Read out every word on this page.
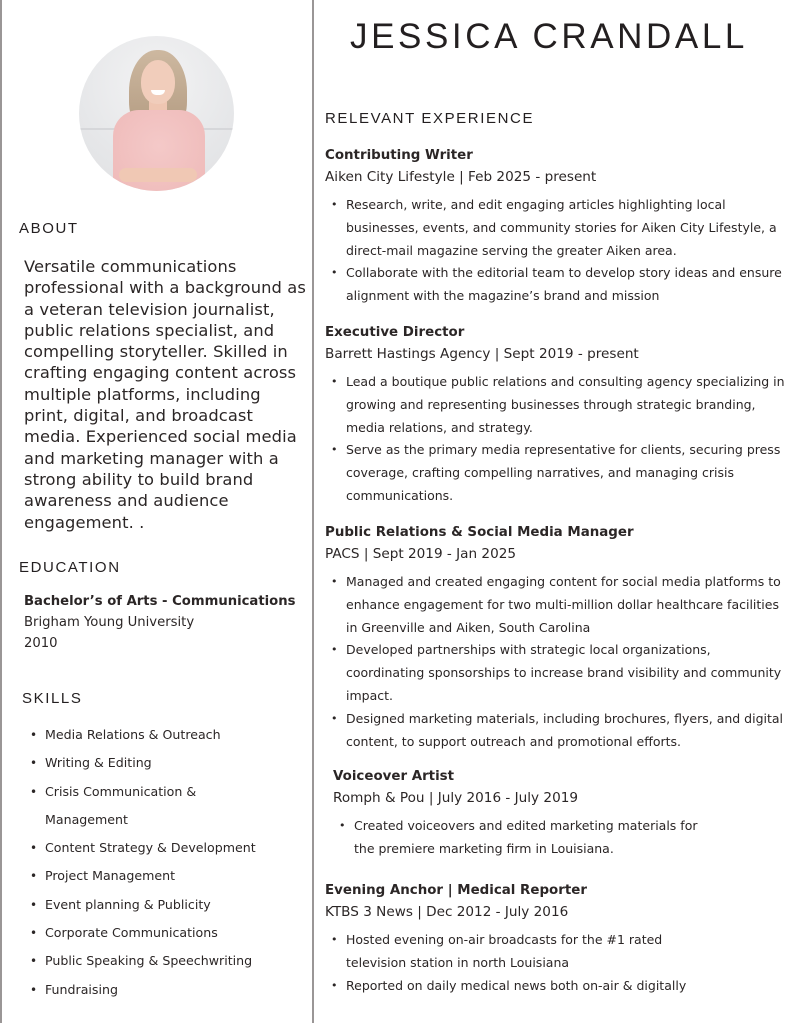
ABOUT
Versatile communications professional with a background as a veteran television journalist, public relations specialist, and compelling storyteller. Skilled in crafting engaging content across multiple platforms, including print, digital, and broadcast media. Experienced social media and marketing manager with a strong ability to build brand awareness and audience engagement. .
EDUCATION
Bachelor’s of Arts - Communications
Brigham Young University
2010
SKILLS
• Media Relations & Outreach
• Writing & Editing
• Crisis Communication & Management
• Content Strategy & Development
• Project Management
• Event planning & Publicity
• Corporate Communications
• Public Speaking & Speechwriting
• Fundraising
JESSICA CRANDALL
RELEVANT EXPERIENCE
Contributing Writer
Aiken City Lifestyle | Feb 2025 - present
• Research, write, and edit engaging articles highlighting local businesses, events, and community stories for Aiken City Lifestyle, a direct-mail magazine serving the greater Aiken area.
• Collaborate with the editorial team to develop story ideas and ensure alignment with the magazine’s brand and mission
Executive Director
Barrett Hastings Agency | Sept 2019 - present
• Lead a boutique public relations and consulting agency specializing in growing and representing businesses through strategic branding, media relations, and strategy.
• Serve as the primary media representative for clients, securing press coverage, crafting compelling narratives, and managing crisis communications.
Public Relations & Social Media Manager
PACS | Sept 2019 - Jan 2025
• Managed and created engaging content for social media platforms to enhance engagement for two multi-million dollar healthcare facilities in Greenville and Aiken, South Carolina
• Developed partnerships with strategic local organizations, coordinating sponsorships to increase brand visibility and community impact.
• Designed marketing materials, including brochures, flyers, and digital content, to support outreach and promotional efforts.
Voiceover Artist
Romph & Pou | July 2016 - July 2019
• Created voiceovers and edited marketing materials for the premiere marketing firm in Louisiana.
Evening Anchor | Medical Reporter
KTBS 3 News | Dec 2012 - July 2016
• Hosted evening on-air broadcasts for the #1 rated television station in north Louisiana
• Reported on daily medical news both on-air & digitally
